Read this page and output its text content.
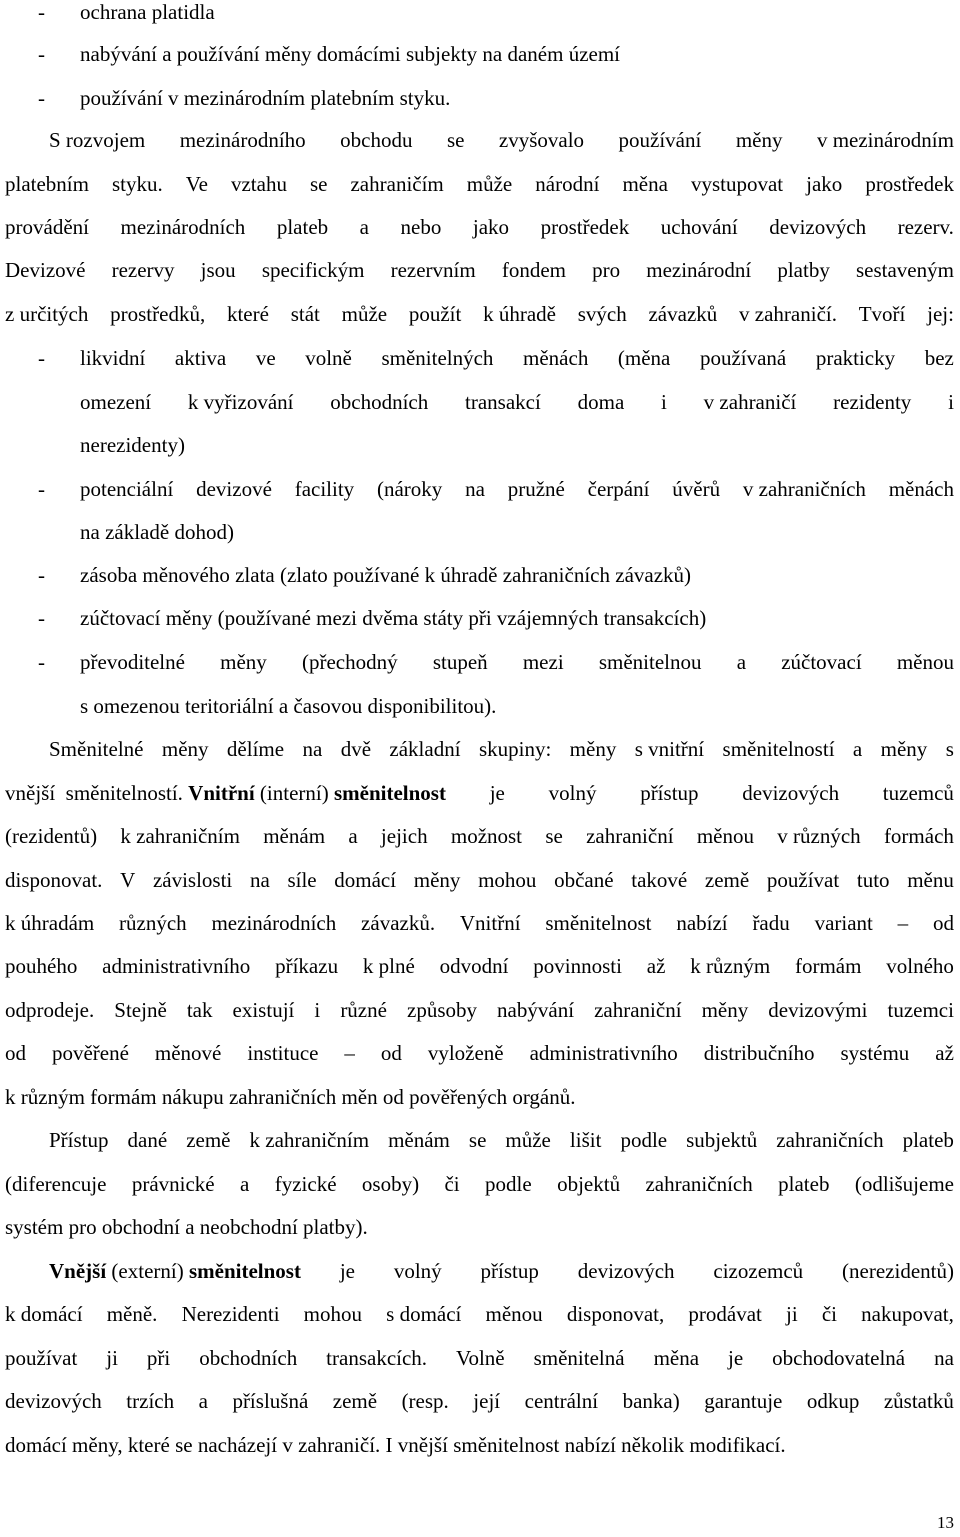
- ochrana platidla
- nabývání a používání měny domácími subjekty na daném území
- používání v mezinárodním platebním styku.
S rozvojem mezinárodního obchodu se zvyšovalo používání měny v mezinárodním
platebním styku. Ve vztahu se zahraničím může národní měna vystupovat jako prostředek
provádění mezinárodních plateb a nebo jako prostředek uchování devizových rezerv.
Devizové rezervy jsou specifickým rezervním fondem pro mezinárodní platby sestaveným
z určitých prostředků, které stát může použít k úhradě svých závazků v zahraničí. Tvoří jej:
- likvidní aktiva ve volně směnitelných měnách (měna používaná prakticky bez
omezení k vyřizování obchodních transakcí doma i v zahraničí rezidenty i
nerezidenty)
- potenciální devizové facility (nároky na pružné čerpání úvěrů v zahraničních měnách
na základě dohod)
- zásoba měnového zlata (zlato používané k úhradě zahraničních závazků)
- zúčtovací měny (používané mezi dvěma státy při vzájemných transakcích)
- převoditelné měny (přechodný stupeň mezi směnitelnou a zúčtovací měnou
s omezenou teritoriální a časovou disponibilitou).
Směnitelné měny dělíme na dvě základní skupiny: měny s vnitřní směnitelností a měny s
vnější  směnitelností. Vnitřní (interní) směnitelnost je volný přístup devizových tuzemců
(rezidentů) k zahraničním měnám a jejich možnost se zahraniční měnou v různých formách
disponovat. V závislosti na síle domácí měny mohou občané takové země používat tuto měnu
k úhradám různých mezinárodních závazků. Vnitřní směnitelnost nabízí řadu variant – od
pouhého administrativního příkazu k plné odvodní povinnosti až k různým formám volného
odprodeje. Stejně tak existují i různé způsoby nabývání zahraniční měny devizovými tuzemci
od pověřené měnové instituce – od vyloženě administrativního distribučního systému až
k různým formám nákupu zahraničních měn od pověřených orgánů.
Přístup dané země k zahraničním měnám se může lišit podle subjektů zahraničních plateb
(diferencuje právnické a fyzické osoby) či podle objektů zahraničních plateb (odlišujeme
systém pro obchodní a neobchodní platby).
Vnější (externí) směnitelnost je volný přístup devizových cizozemců (nerezidentů)
k domácí měně. Nerezidenti mohou s domácí měnou disponovat, prodávat ji či nakupovat,
používat ji při obchodních transakcích. Volně směnitelná měna je obchodovatelná na
devizových trzích a příslušná země (resp. její centrální banka) garantuje odkup zůstatků
domácí měny, které se nacházejí v zahraničí. I vnější směnitelnost nabízí několik modifikací.
13
